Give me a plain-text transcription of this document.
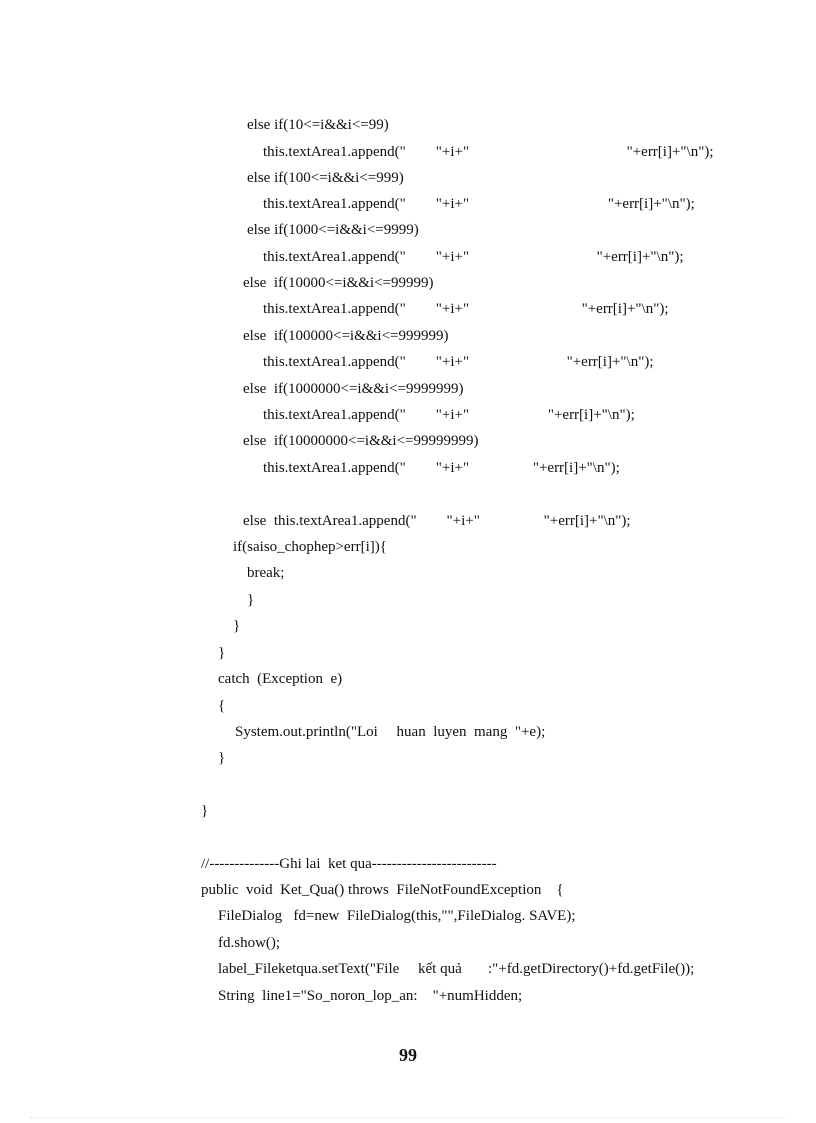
else if(10<=i&&i<=99)
this.textArea1.append("        "+i+"                                          "+err[i]+"\n");
else if(100<=i&&i<=999)
this.textArea1.append("        "+i+"                                     "+err[i]+"\n");
else if(1000<=i&&i<=9999)
this.textArea1.append("        "+i+"                                  "+err[i]+"\n");
else  if(10000<=i&&i<=99999)
this.textArea1.append("        "+i+"                              "+err[i]+"\n");
else  if(100000<=i&&i<=999999)
this.textArea1.append("        "+i+"                          "+err[i]+"\n");
else  if(1000000<=i&&i<=9999999)
this.textArea1.append("        "+i+"                     "+err[i]+"\n");
else  if(10000000<=i&&i<=99999999)
this.textArea1.append("        "+i+"                 "+err[i]+"\n");
else  this.textArea1.append("        "+i+"                 "+err[i]+"\n");
if(saiso_chophep>err[i]){
break;
}
}
}
catch  (Exception  e)
{
System.out.println("Loi     huan  luyen  mang  "+e);
}
}
//--------------Ghi lai  ket qua-------------------------
public  void  Ket_Qua() throws  FileNotFoundException    {
FileDialog   fd=new  FileDialog(this,"",FileDialog. SAVE);
fd.show();
label_Fileketqua.setText("File     kết quả       :"+fd.getDirectory()+fd.getFile());
String  line1="So_noron_lop_an:    "+numHidden;
99
